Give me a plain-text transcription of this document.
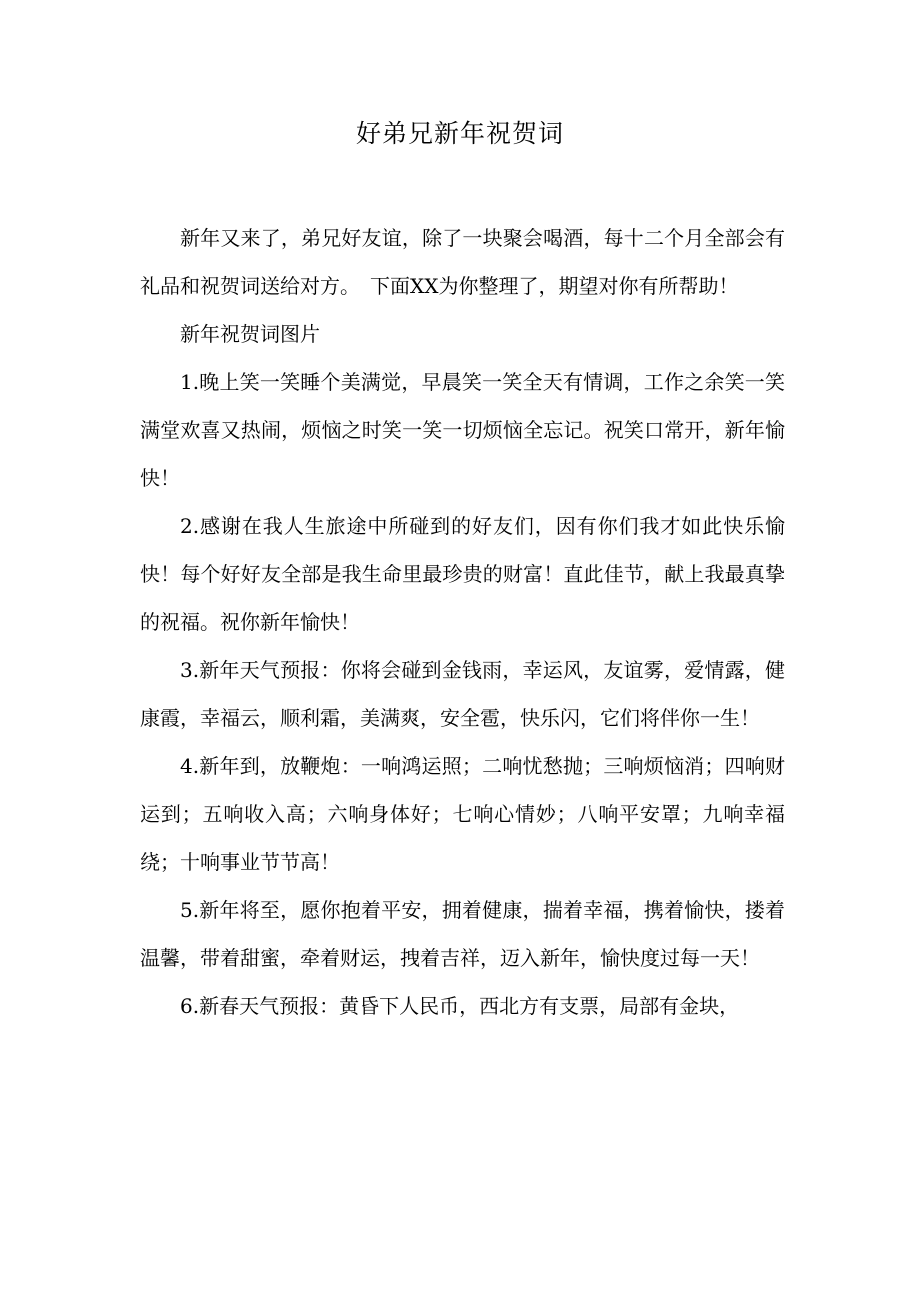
好弟兄新年祝贺词

新年又来了，弟兄好友谊，除了一块聚会喝酒，每十二个月全部会有礼品和祝贺词送给对方。　下面XX为你整理了，期望对你有所帮助！

新年祝贺词图片

1.晚上笑一笑睡个美满觉，早晨笑一笑全天有情调，工作之余笑一笑满堂欢喜又热闹，烦恼之时笑一笑一切烦恼全忘记。祝笑口常开，新年愉快！

2.感谢在我人生旅途中所碰到的好友们，因有你们我才如此快乐愉快！每个好好友全部是我生命里最珍贵的财富！直此佳节，献上我最真挚的祝福。祝你新年愉快！

3.新年天气预报：你将会碰到金钱雨，幸运风，友谊雾，爱情露，健康霞，幸福云，顺利霜，美满爽，安全雹，快乐闪，它们将伴你一生！

4.新年到，放鞭炮：一响鸿运照；二响忧愁抛；三响烦恼消；四响财运到；五响收入高；六响身体好；七响心情妙；八响平安罩；九响幸福绕；十响事业节节高！

5.新年将至，愿你抱着平安，拥着健康，揣着幸福，携着愉快，搂着温馨，带着甜蜜，牵着财运，拽着吉祥，迈入新年，愉快度过每一天！

6.新春天气预报：黄昏下人民币，西北方有支票，局部有金块，
